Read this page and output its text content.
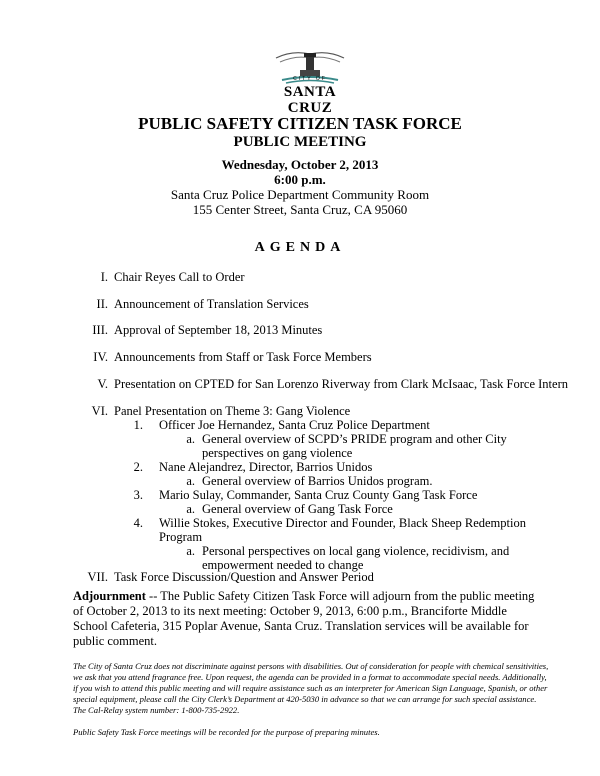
CITY OF
SANTA CRUZ
PUBLIC SAFETY CITIZEN TASK FORCE
PUBLIC MEETING
Wednesday, October 2, 2013
6:00 p.m.
Santa Cruz Police Department Community Room
155 Center Street, Santa Cruz, CA 95060
AGENDA
I. Chair Reyes Call to Order
II. Announcement of Translation Services
III. Approval of September 18, 2013 Minutes
IV. Announcements from Staff or Task Force Members
V. Presentation on CPTED for San Lorenzo Riverway from Clark McIsaac, Task Force Intern
VI. Panel Presentation on Theme 3: Gang Violence
1. Officer Joe Hernandez, Santa Cruz Police Department
a. General overview of SCPD’s PRIDE program and other City
perspectives on gang violence
2. Nane Alejandrez, Director, Barrios Unidos
a. General overview of Barrios Unidos program.
3. Mario Sulay, Commander, Santa Cruz County Gang Task Force
a. General overview of Gang Task Force
4. Willie Stokes, Executive Director and Founder, Black Sheep Redemption
Program
a. Personal perspectives on local gang violence, recidivism, and
empowerment needed to change
VII. Task Force Discussion/Question and Answer Period
Adjournment -- The Public Safety Citizen Task Force will adjourn from the public meeting of October 2, 2013 to its next meeting: October 9, 2013, 6:00 p.m., Branciforte Middle School Cafeteria, 315 Poplar Avenue, Santa Cruz. Translation services will be available for public comment.
The City of Santa Cruz does not discriminate against persons with disabilities. Out of consideration for people with chemical sensitivities, we ask that you attend fragrance free. Upon request, the agenda can be provided in a format to accommodate special needs. Additionally, if you wish to attend this public meeting and will require assistance such as an interpreter for American Sign Language, Spanish, or other special equipment, please call the City Clerk’s Department at 420-5030 in advance so that we can arrange for such special assistance. The Cal-Relay system number: 1-800-735-2922.
Public Safety Task Force meetings will be recorded for the purpose of preparing minutes.
